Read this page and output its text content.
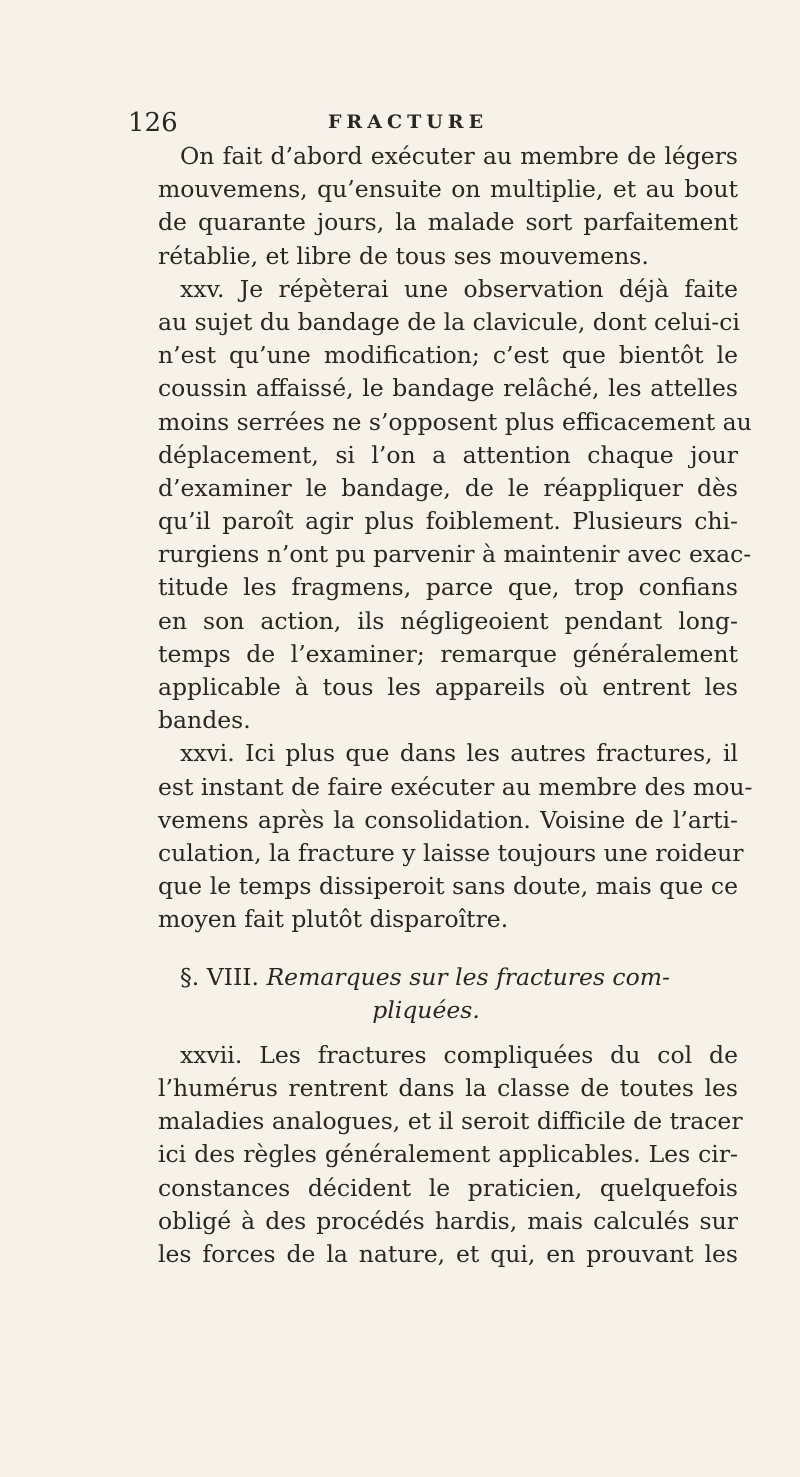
126	FRACTURE
On fait d’abord exécuter au membre de légers
mouvemens, qu’ensuite on multiplie, et au bout
de quarante jours, la malade sort parfaitement
rétablie, et libre de tous ses mouvemens.
xxv. Je répèterai une observation déjà faite
au sujet du bandage de la clavicule, dont celui-ci
n’est qu’une modification; c’est que bientôt le
coussin affaissé, le bandage relâché, les attelles
moins serrées ne s’opposent plus efficacement au
déplacement, si l’on a attention chaque jour
d’examiner le bandage, de le réappliquer dès
qu’il paroît agir plus foiblement. Plusieurs chi-
rurgiens n’ont pu parvenir à maintenir avec exac-
titude les fragmens, parce que, trop confians
en son action, ils négligeoient pendant long-
temps de l’examiner; remarque généralement
applicable à tous les appareils où entrent les
bandes.
xxvi. Ici plus que dans les autres fractures, il
est instant de faire exécuter au membre des mou-
vemens après la consolidation. Voisine de l’arti-
culation, la fracture y laisse toujours une roideur
que le temps dissiperoit sans doute, mais que ce
moyen fait plutôt disparoître.
§. VIII. Remarques sur les fractures com-
pliquées.
xxvii. Les fractures compliquées du col de
l’humérus rentrent dans la classe de toutes les
maladies analogues, et il seroit difficile de tracer
ici des règles généralement applicables. Les cir-
constances décident le praticien, quelquefois
obligé à des procédés hardis, mais calculés sur
les forces de la nature, et qui, en prouvant les
